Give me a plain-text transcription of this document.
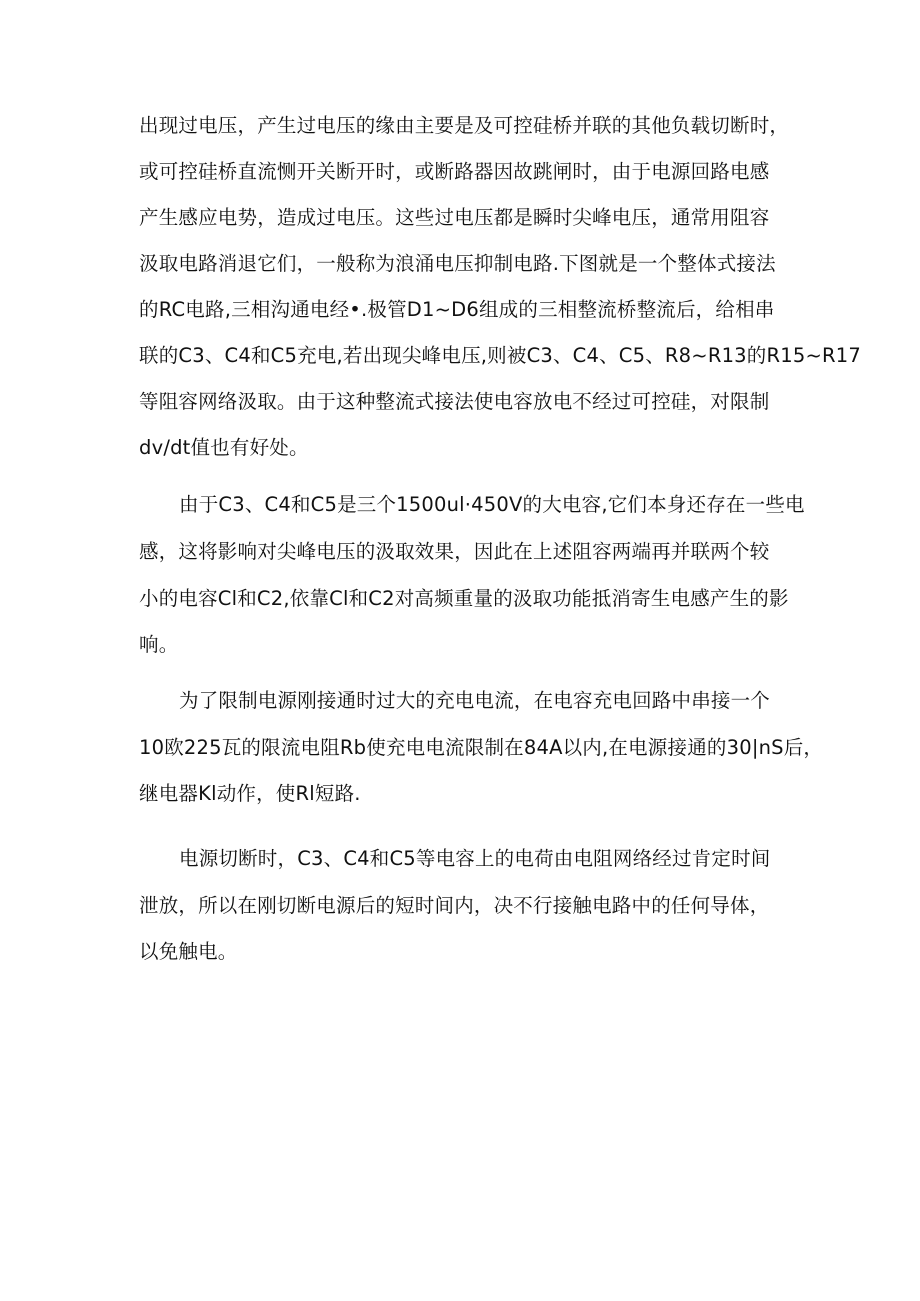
出现过电压，产生过电压的缘由主要是及可控硅桥并联的其他负载切断时，
或可控硅桥直流恻开关断开时，或断路器因故跳闸时，由于电源回路电感
产生感应电势，造成过电压。这些过电压都是瞬时尖峰电压，通常用阻容
汲取电路消退它们，一般称为浪涌电压抑制电路.下图就是一个整体式接法
的RC电路,三相沟通电经•.极管D1~D6组成的三相整流桥整流后，给相串
联的C3、C4和C5充电,若出现尖峰电压,则被C3、C4、C5、R8~R13的R15~R17
等阻容网络汲取。由于这种整流式接法使电容放电不经过可控硅，对限制
dv/dt值也有好处。
由于C3、C4和C5是三个1500ul·450V的大电容,它们本身还存在一些电
感，这将影响对尖峰电压的汲取效果，因此在上述阻容两端再并联两个较
小的电容Cl和C2,依靠Cl和C2对高频重量的汲取功能抵消寄生电感产生的影
响。
为了限制电源刚接通时过大的充电电流，在电容充电回路中串接一个
10欧225瓦的限流电阻Rb使充电电流限制在84A以内,在电源接通的30|nS后，
继电器Kl动作，使Rl短路.
电源切断时，C3、C4和C5等电容上的电荷由电阻网络经过肯定时间
泄放，所以在刚切断电源后的短时间内，决不行接触电路中的任何导体，
以免触电。
